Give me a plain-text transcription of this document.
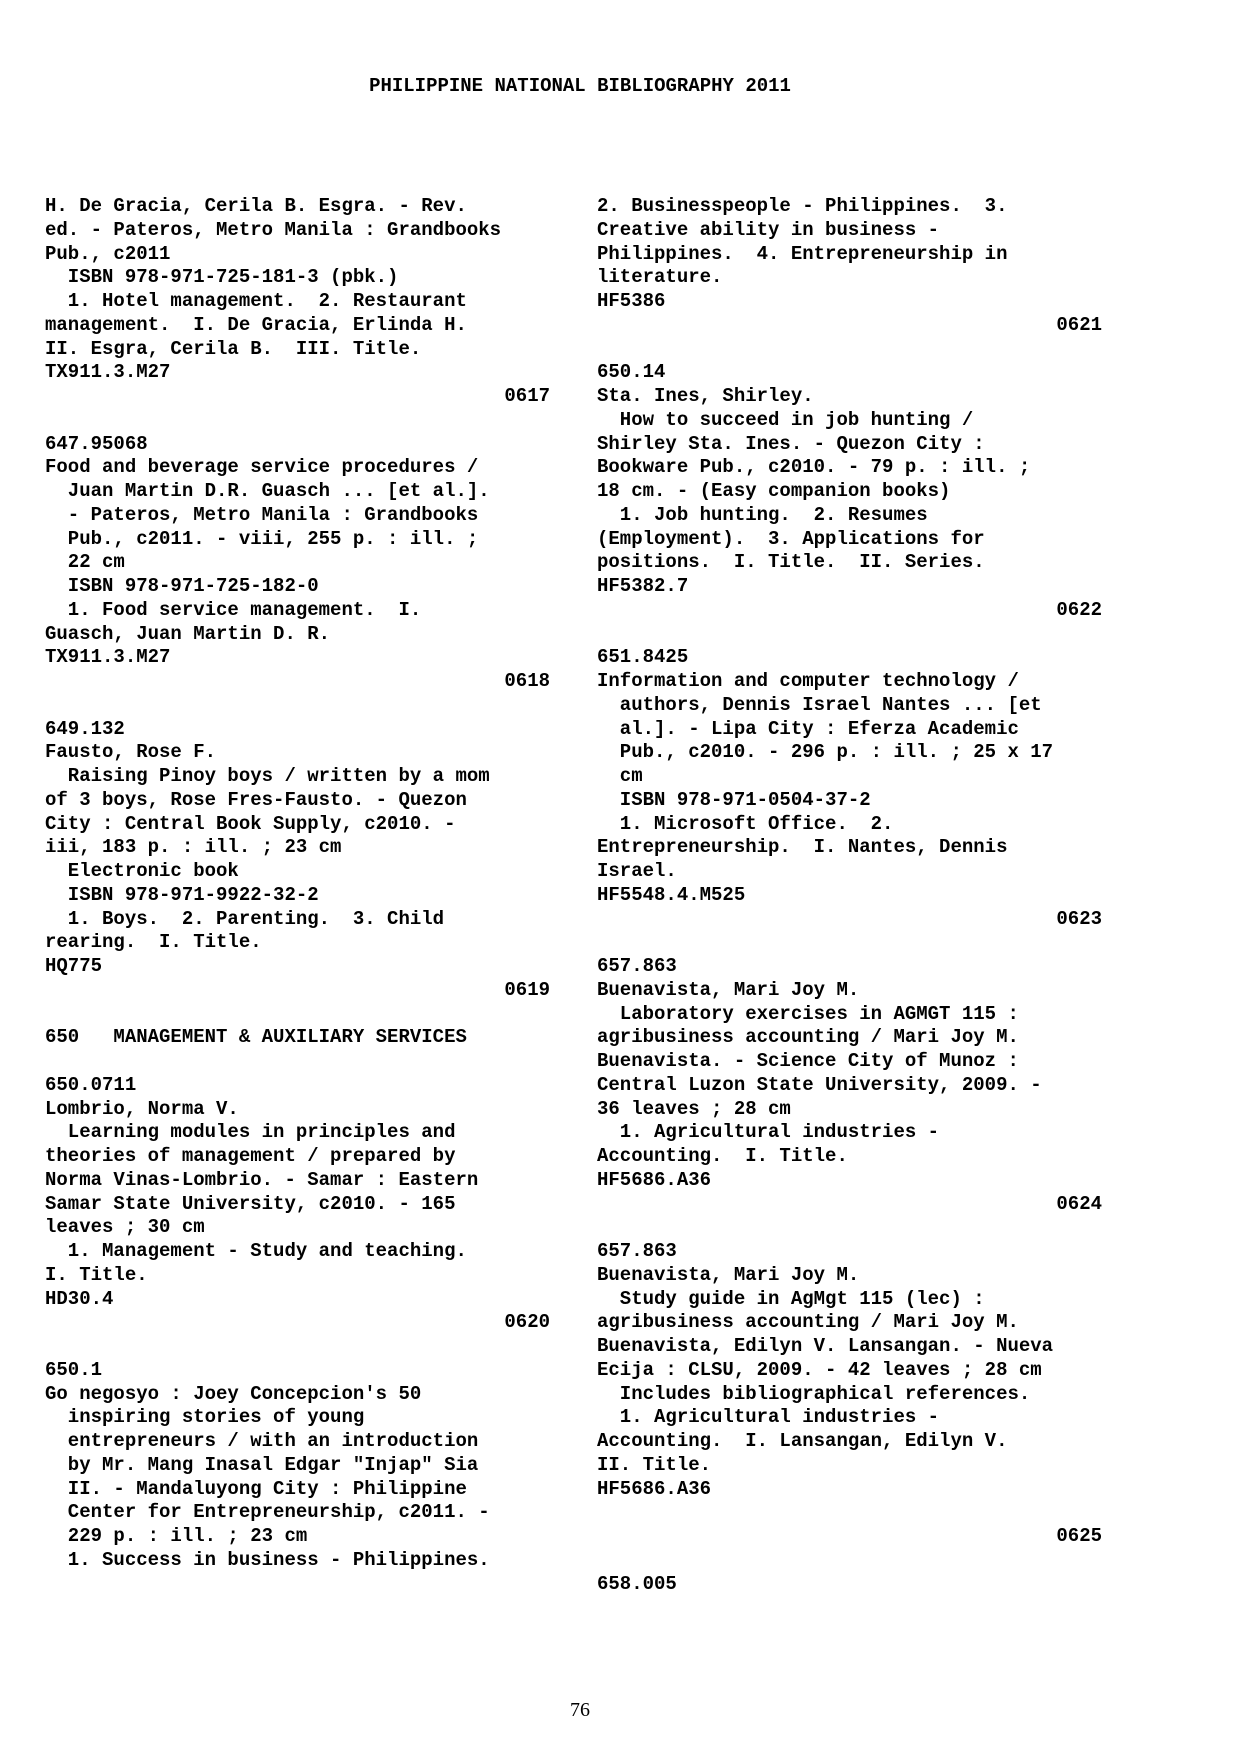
PHILIPPINE NATIONAL BIBLIOGRAPHY 2011
H. De Gracia, Cerila B. Esgra. - Rev.
ed. - Pateros, Metro Manila : Grandbooks
Pub., c2011
ISBN 978-971-725-181-3 (pbk.)
1. Hotel management.  2. Restaurant
management.  I. De Gracia, Erlinda H.
II. Esgra, Cerila B.  III. Title.
TX911.3.M27
0617
647.95068
Food and beverage service procedures /
Juan Martin D.R. Guasch ... [et al.].
- Pateros, Metro Manila : Grandbooks
Pub., c2011. - viii, 255 p. : ill. ;
22 cm
ISBN 978-971-725-182-0
1. Food service management.  I.
Guasch, Juan Martin D. R.
TX911.3.M27
0618
649.132
Fausto, Rose F.
Raising Pinoy boys / written by a mom
of 3 boys, Rose Fres-Fausto. - Quezon
City : Central Book Supply, c2010. -
iii, 183 p. : ill. ; 23 cm
Electronic book
ISBN 978-971-9922-32-2
1. Boys.  2. Parenting.  3. Child
rearing.  I. Title.
HQ775
0619
650   MANAGEMENT & AUXILIARY SERVICES
650.0711
Lombrio, Norma V.
Learning modules in principles and
theories of management / prepared by
Norma Vinas-Lombrio. - Samar : Eastern
Samar State University, c2010. - 165
leaves ; 30 cm
1. Management - Study and teaching.
I. Title.
HD30.4
0620
650.1
Go negosyo : Joey Concepcion's 50
inspiring stories of young
entrepreneurs / with an introduction
by Mr. Mang Inasal Edgar "Injap" Sia
II. - Mandaluyong City : Philippine
Center for Entrepreneurship, c2011. -
229 p. : ill. ; 23 cm
1. Success in business - Philippines.
2. Businesspeople - Philippines.  3.
Creative ability in business -
Philippines.  4. Entrepreneurship in
literature.
HF5386
0621
650.14
Sta. Ines, Shirley.
How to succeed in job hunting /
Shirley Sta. Ines. - Quezon City :
Bookware Pub., c2010. - 79 p. : ill. ;
18 cm. - (Easy companion books)
1. Job hunting.  2. Resumes
(Employment).  3. Applications for
positions.  I. Title.  II. Series.
HF5382.7
0622
651.8425
Information and computer technology /
authors, Dennis Israel Nantes ... [et
al.]. - Lipa City : Eferza Academic
Pub., c2010. - 296 p. : ill. ; 25 x 17
cm
ISBN 978-971-0504-37-2
1. Microsoft Office.  2.
Entrepreneurship.  I. Nantes, Dennis
Israel.
HF5548.4.M525
0623
657.863
Buenavista, Mari Joy M.
Laboratory exercises in AGMGT 115 :
agribusiness accounting / Mari Joy M.
Buenavista. - Science City of Munoz :
Central Luzon State University, 2009. -
36 leaves ; 28 cm
1. Agricultural industries -
Accounting.  I. Title.
HF5686.A36
0624
657.863
Buenavista, Mari Joy M.
Study guide in AgMgt 115 (lec) :
agribusiness accounting / Mari Joy M.
Buenavista, Edilyn V. Lansangan. - Nueva
Ecija : CLSU, 2009. - 42 leaves ; 28 cm
Includes bibliographical references.
1. Agricultural industries -
Accounting.  I. Lansangan, Edilyn V.
II. Title.
HF5686.A36
0625
658.005
76
